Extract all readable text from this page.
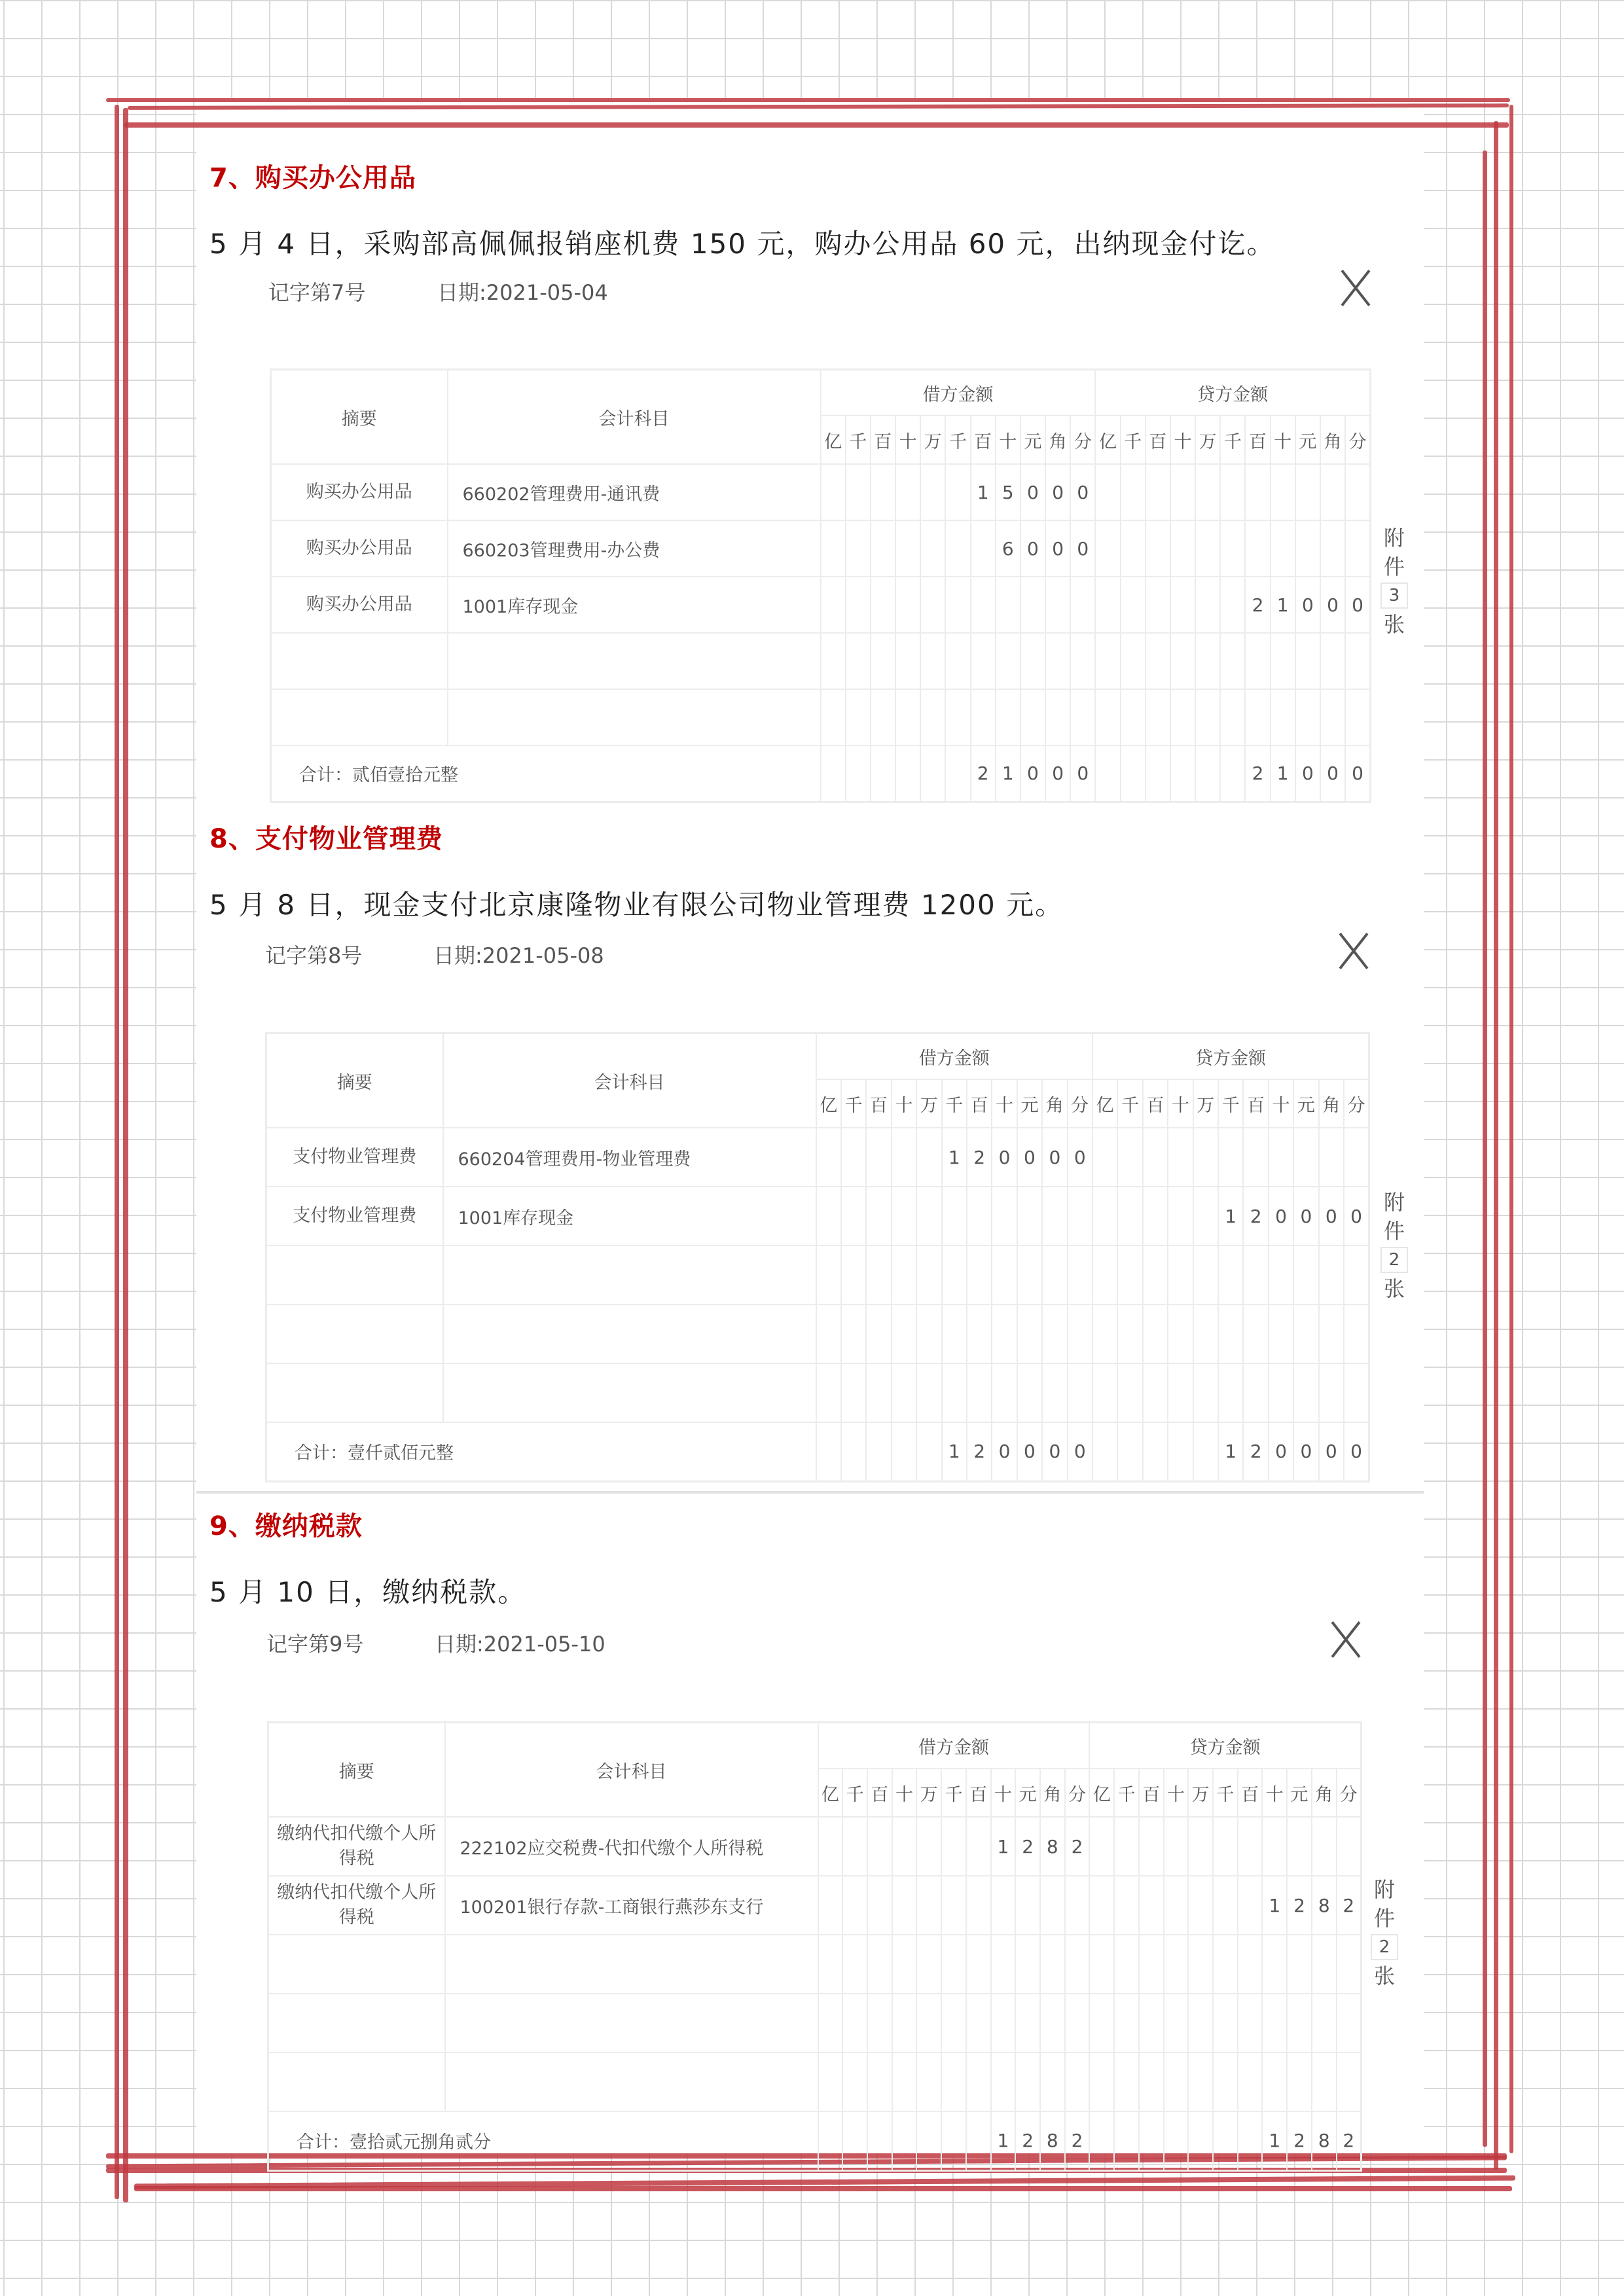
7、购买办公用品
5 月 4 日，采购部高佩佩报销座机费 150 元，购办公用品 60 元，出纳现金付讫。
记字第7号	日期:2021-05-04
摘要	会计科目	借方金额											贷方金额										
		亿	千	百	十	万	千	百	十	元	角	分	亿	千	百	十	万	千	百	十	元	角	分
购买办公用品	660202管理费用-通讯费							1	5	0	0	0											
购买办公用品	660203管理费用-办公费								6	0	0	0											
购买办公用品	1001库存现金																		2	1	0	0	0

合计：贰佰壹拾元整								2	1	0	0	0							2	1	0	0	0
附
件
3
张
8、支付物业管理费
5 月 8 日，现金支付北京康隆物业有限公司物业管理费 1200 元。
记字第8号	日期:2021-05-08
摘要	会计科目	借方金额											贷方金额										
		亿	千	百	十	万	千	百	十	元	角	分	亿	千	百	十	万	千	百	十	元	角	分
支付物业管理费	660204管理费用-物业管理费						1	2	0	0	0	0											
支付物业管理费	1001库存现金																	1	2	0	0	0	0

合计：壹仟贰佰元整							1	2	0	0	0	0						1	2	0	0	0	0
附
件
2
张
9、缴纳税款
5 月 10 日，缴纳税款。
记字第9号	日期:2021-05-10
摘要	会计科目	借方金额											贷方金额										
		亿	千	百	十	万	千	百	十	元	角	分	亿	千	百	十	万	千	百	十	元	角	分
缴纳代扣代缴个人所得税	222102应交税费-代扣代缴个人所得税								1	2	8	2											
缴纳代扣代缴个人所得税	100201银行存款-工商银行燕莎东支行																			1	2	8	2

合计：壹拾贰元捌角贰分									1	2	8	2								1	2	8	2
附
件
2
张
